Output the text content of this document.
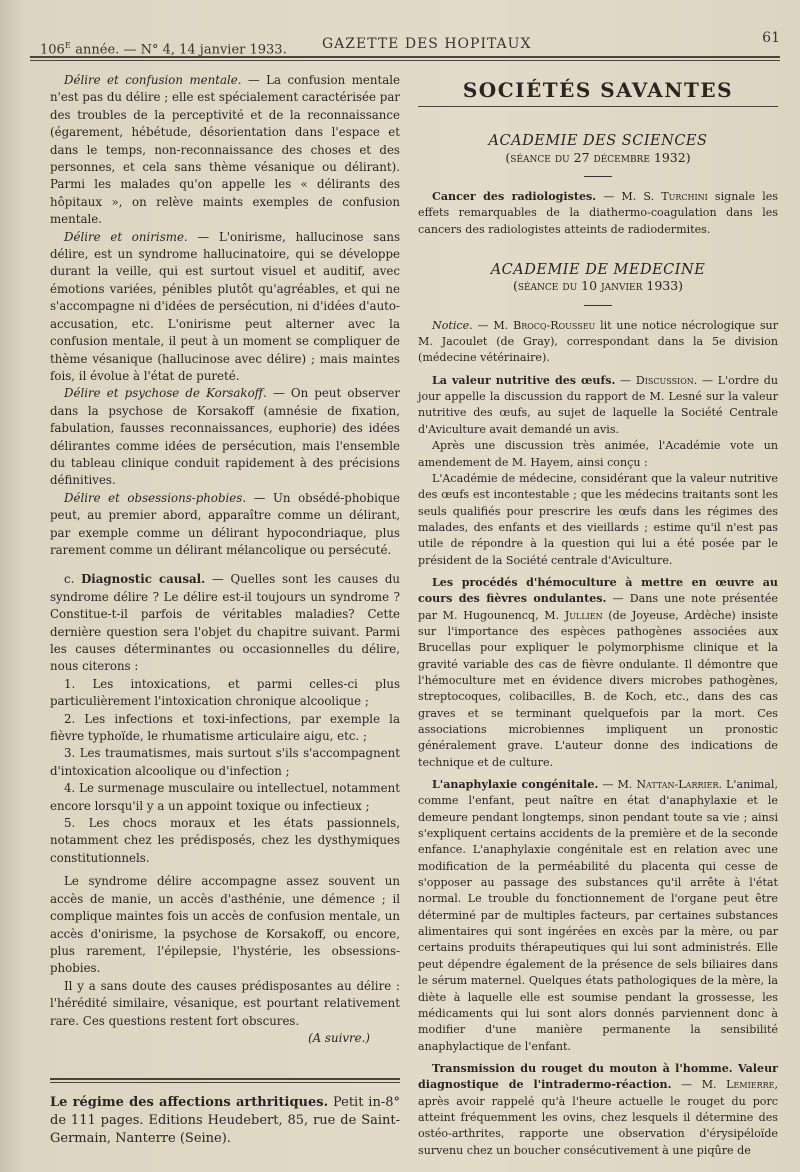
106e année. — N° 4, 14 janvier 1933.	GAZETTE DES HOPITAUX	61

Délire et confusion mentale. — La confusion mentale n'est pas du délire ; elle est spécialement caractérisée par des troubles de la perceptivité et de la reconnaissance (égarement, hébétude, désorientation dans l'espace et dans le temps, non-reconnaissance des choses et des personnes, et cela sans thème vésanique ou délirant). Parmi les malades qu'on appelle les « délirants des hôpitaux », on relève maints exemples de confusion mentale.

Délire et onirisme. — L'onirisme, hallucinose sans délire, est un syndrome hallucinatoire, qui se développe durant la veille, qui est surtout visuel et auditif, avec émotions variées, pénibles plutôt qu'agréables, et qui ne s'accompagne ni d'idées de persécution, ni d'idées d'auto-accusation, etc. L'onirisme peut alterner avec la confusion mentale, il peut à un moment se compliquer de thème vésanique (hallucinose avec délire) ; mais maintes fois, il évolue à l'état de pureté.

Délire et psychose de Korsakoff. — On peut observer dans la psychose de Korsakoff (amnésie de fixation, fabulation, fausses reconnaissances, euphorie) des idées délirantes comme idées de persécution, mais l'ensemble du tableau clinique conduit rapidement à des précisions définitives.

Délire et obsessions-phobies. — Un obsédé-phobique peut, au premier abord, apparaître comme un délirant, par exemple comme un délirant hypocondriaque, plus rarement comme un délirant mélancolique ou persécuté.

c. Diagnostic causal. — Quelles sont les causes du syndrome délire ? Le délire est-il toujours un syndrome ? Constitue-t-il parfois de véritables maladies? Cette dernière question sera l'objet du chapitre suivant. Parmi les causes déterminantes ou occasionnelles du délire, nous citerons :

1. Les intoxications, et parmi celles-ci plus particulièrement l'intoxication chronique alcoolique ;

2. Les infections et toxi-infections, par exemple la fièvre typhoïde, le rhumatisme articulaire aigu, etc. ;

3. Les traumatismes, mais surtout s'ils s'accompagnent d'intoxication alcoolique ou d'infection ;

4. Le surmenage musculaire ou intellectuel, notamment encore lorsqu'il y a un appoint toxique ou infectieux ;

5. Les chocs moraux et les états passionnels, notamment chez les prédisposés, chez les dysthymiques constitutionnels.

Le syndrome délire accompagne assez souvent un accès de manie, un accès d'asthénie, une démence ; il complique maintes fois un accès de confusion mentale, un accès d'onirisme, la psychose de Korsakoff, ou encore, plus rarement, l'épilepsie, l'hystérie, les obsessions-phobies.

Il y a sans doute des causes prédisposantes au délire : l'hérédité similaire, vésanique, est pourtant relativement rare. Ces questions restent fort obscures.

(A suivre.)

Le régime des affections arthritiques. Petit in-8° de 111 pages. Editions Heudebert, 85, rue de Saint-Germain, Nanterre (Seine).
SOCIÉTÉS SAVANTES

ACADEMIE DES SCIENCES

(séance du 27 décembre 1932)

Cancer des radiologistes. — M. S. Turchini signale les effets remarquables de la diathermo-coagulation dans les cancers des radiologistes atteints de radiodermites.

ACADEMIE DE MEDECINE

(séance du 10 janvier 1933)

Notice. — M. Brocq-Rousseu lit une notice nécrologique sur M. Jacoulet (de Gray), correspondant dans la 5e division (médecine vétérinaire).

La valeur nutritive des œufs. — Discussion. — L'ordre du jour appelle la discussion du rapport de M. Lesné sur la valeur nutritive des œufs, au sujet de laquelle la Société Centrale d'Aviculture avait demandé un avis.

Après une discussion très animée, l'Académie vote un amendement de M. Hayem, ainsi conçu :

L'Académie de médecine, considérant que la valeur nutritive des œufs est incontestable ; que les médecins traitants sont les seuls qualifiés pour prescrire les œufs dans les régimes des malades, des enfants et des vieillards ; estime qu'il n'est pas utile de répondre à la question qui lui a été posée par le président de la Société centrale d'Aviculture.

Les procédés d'hémoculture à mettre en œuvre au cours des fièvres ondulantes. — Dans une note présentée par M. Hugounencq, M. Jullien (de Joyeuse, Ardèche) insiste sur l'importance des espèces pathogènes associées aux Brucellas pour expliquer le polymorphisme clinique et la gravité variable des cas de fièvre ondulante. Il démontre que l'hémoculture met en évidence divers microbes pathogènes, streptocoques, colibacilles, B. de Koch, etc., dans des cas graves et se terminant quelquefois par la mort. Ces associations microbiennes impliquent un pronostic généralement grave. L'auteur donne des indications de technique et de culture.

L'anaphylaxie congénitale. — M. Nattan-Larrier. L'animal, comme l'enfant, peut naître en état d'anaphylaxie et le demeure pendant longtemps, sinon pendant toute sa vie ; ainsi s'expliquent certains accidents de la première et de la seconde enfance. L'anaphylaxie congénitale est en relation avec une modification de la perméabilité du placenta qui cesse de s'opposer au passage des substances qu'il arrête à l'état normal. Le trouble du fonctionnement de l'organe peut être déterminé par de multiples facteurs, par certaines substances alimentaires qui sont ingérées en excès par la mère, ou par certains produits thérapeutiques qui lui sont administrés. Elle peut dépendre également de la présence de sels biliaires dans le sérum maternel. Quelques états pathologiques de la mère, la diète à laquelle elle est soumise pendant la grossesse, les médicaments qui lui sont alors donnés parviennent donc à modifier d'une manière permanente la sensibilité anaphylactique de l'enfant.

Transmission du rouget du mouton à l'homme. Valeur diagnostique de l'intradermo-réaction. — M. Lemierre, après avoir rappelé qu'à l'heure actuelle le rouget du porc atteint fréquemment les ovins, chez lesquels il détermine des ostéo-arthrites, rapporte une observation d'érysipéloïde survenu chez un boucher consécutivement à une piqûre de
